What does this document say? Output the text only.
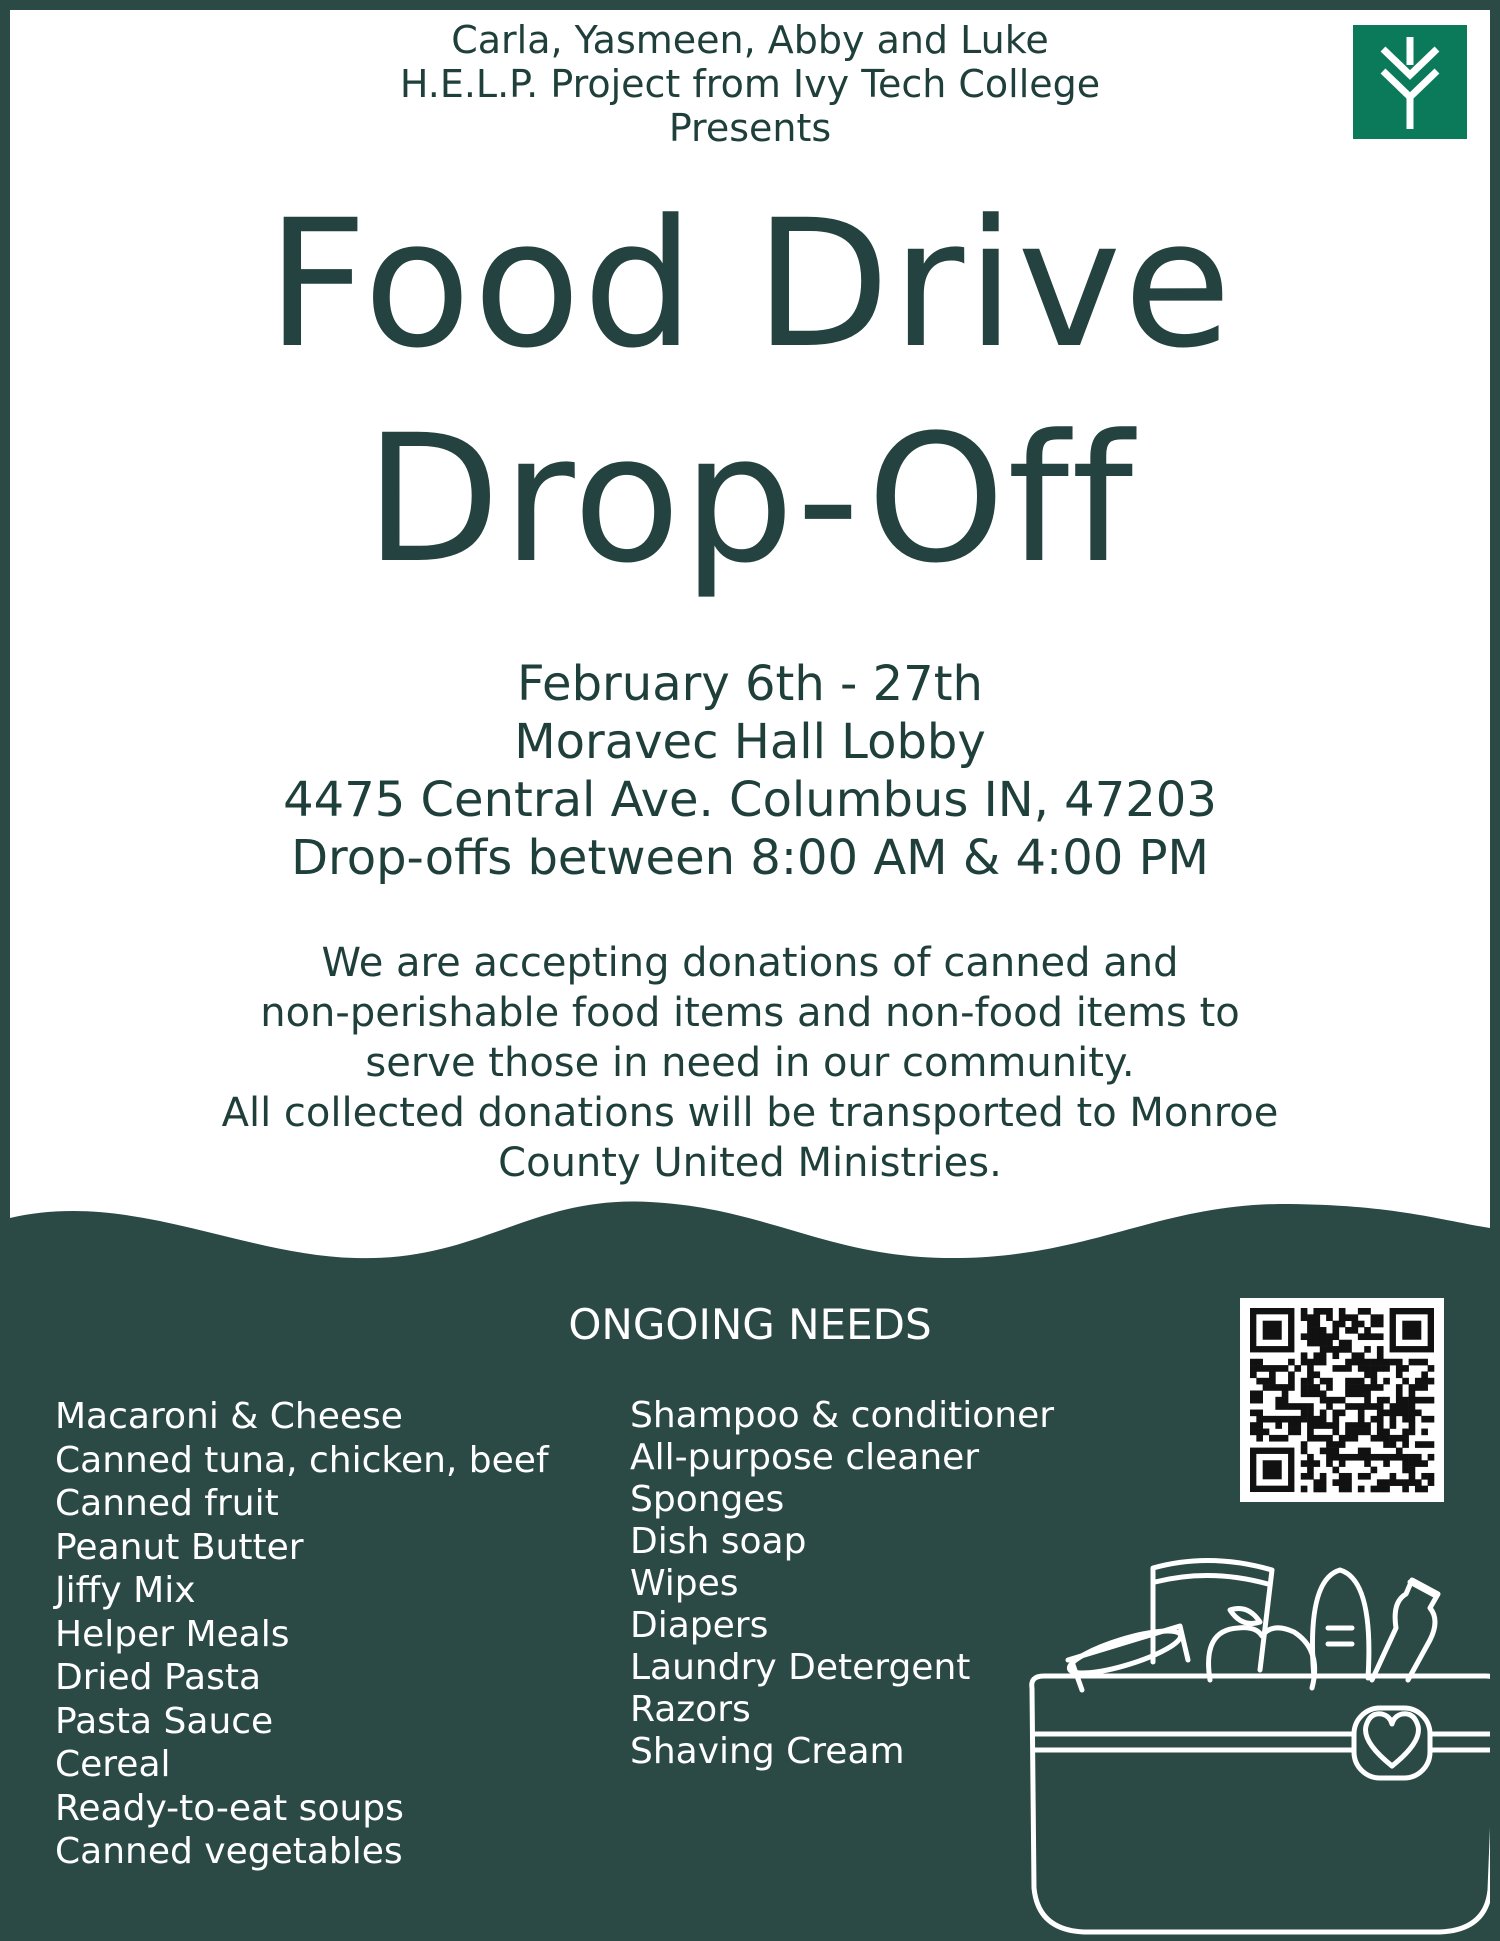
Carla, Yasmeen, Abby and Luke
H.E.L.P. Project from Ivy Tech College
Presents
Food Drive
Drop-Off
February 6th - 27th
Moravec Hall Lobby
4475 Central Ave. Columbus IN, 47203
Drop-offs between 8:00 AM & 4:00 PM
We are accepting donations of canned and
non-perishable food items and non-food items to
serve those in need in our community.
All collected donations will be transported to Monroe
County United Ministries.
ONGOING NEEDS
Macaroni & Cheese
Canned tuna, chicken, beef
Canned fruit
Peanut Butter
Jiffy Mix
Helper Meals
Dried Pasta
Pasta Sauce
Cereal
Ready-to-eat soups
Canned vegetables
Shampoo & conditioner
All-purpose cleaner
Sponges
Dish soap
Wipes
Diapers
Laundry Detergent
Razors
Shaving Cream
